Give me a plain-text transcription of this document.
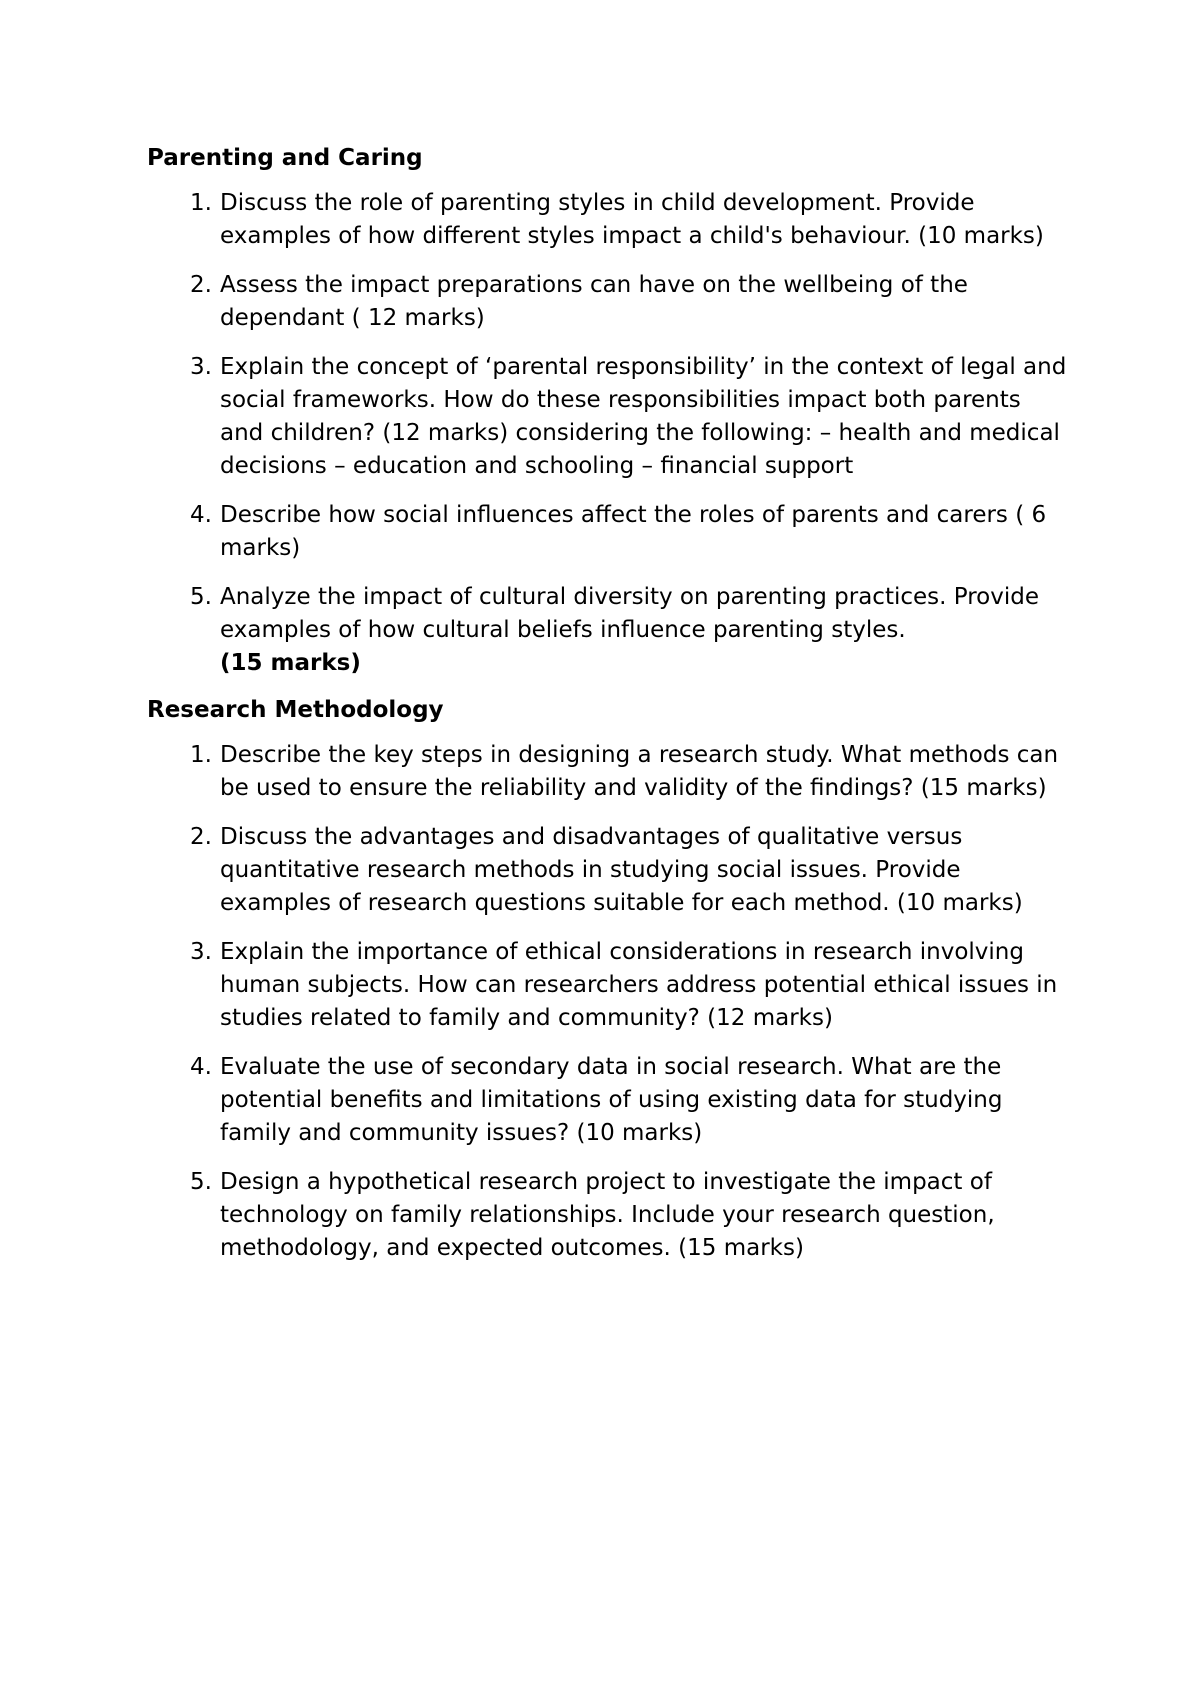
Parenting and Caring
1. Discuss the role of parenting styles in child development. Provide examples of how different styles impact a child's behaviour. (10 marks)
2. Assess the impact preparations can have on the wellbeing of the dependant ( 12 marks)
3. Explain the concept of ‘parental responsibility’ in the context of legal and social frameworks. How do these responsibilities impact both parents and children? (12 marks) considering the following: – health and medical decisions – education and schooling – financial support
4. Describe how social influences affect the roles of parents and carers ( 6 marks)
5. Analyze the impact of cultural diversity on parenting practices. Provide examples of how cultural beliefs influence parenting styles.
(15 marks)
Research Methodology
1. Describe the key steps in designing a research study. What methods can be used to ensure the reliability and validity of the findings? (15 marks)
2. Discuss the advantages and disadvantages of qualitative versus quantitative research methods in studying social issues. Provide examples of research questions suitable for each method. (10 marks)
3. Explain the importance of ethical considerations in research involving human subjects. How can researchers address potential ethical issues in studies related to family and community? (12 marks)
4. Evaluate the use of secondary data in social research. What are the potential benefits and limitations of using existing data for studying family and community issues? (10 marks)
5. Design a hypothetical research project to investigate the impact of technology on family relationships. Include your research question, methodology, and expected outcomes. (15 marks)
